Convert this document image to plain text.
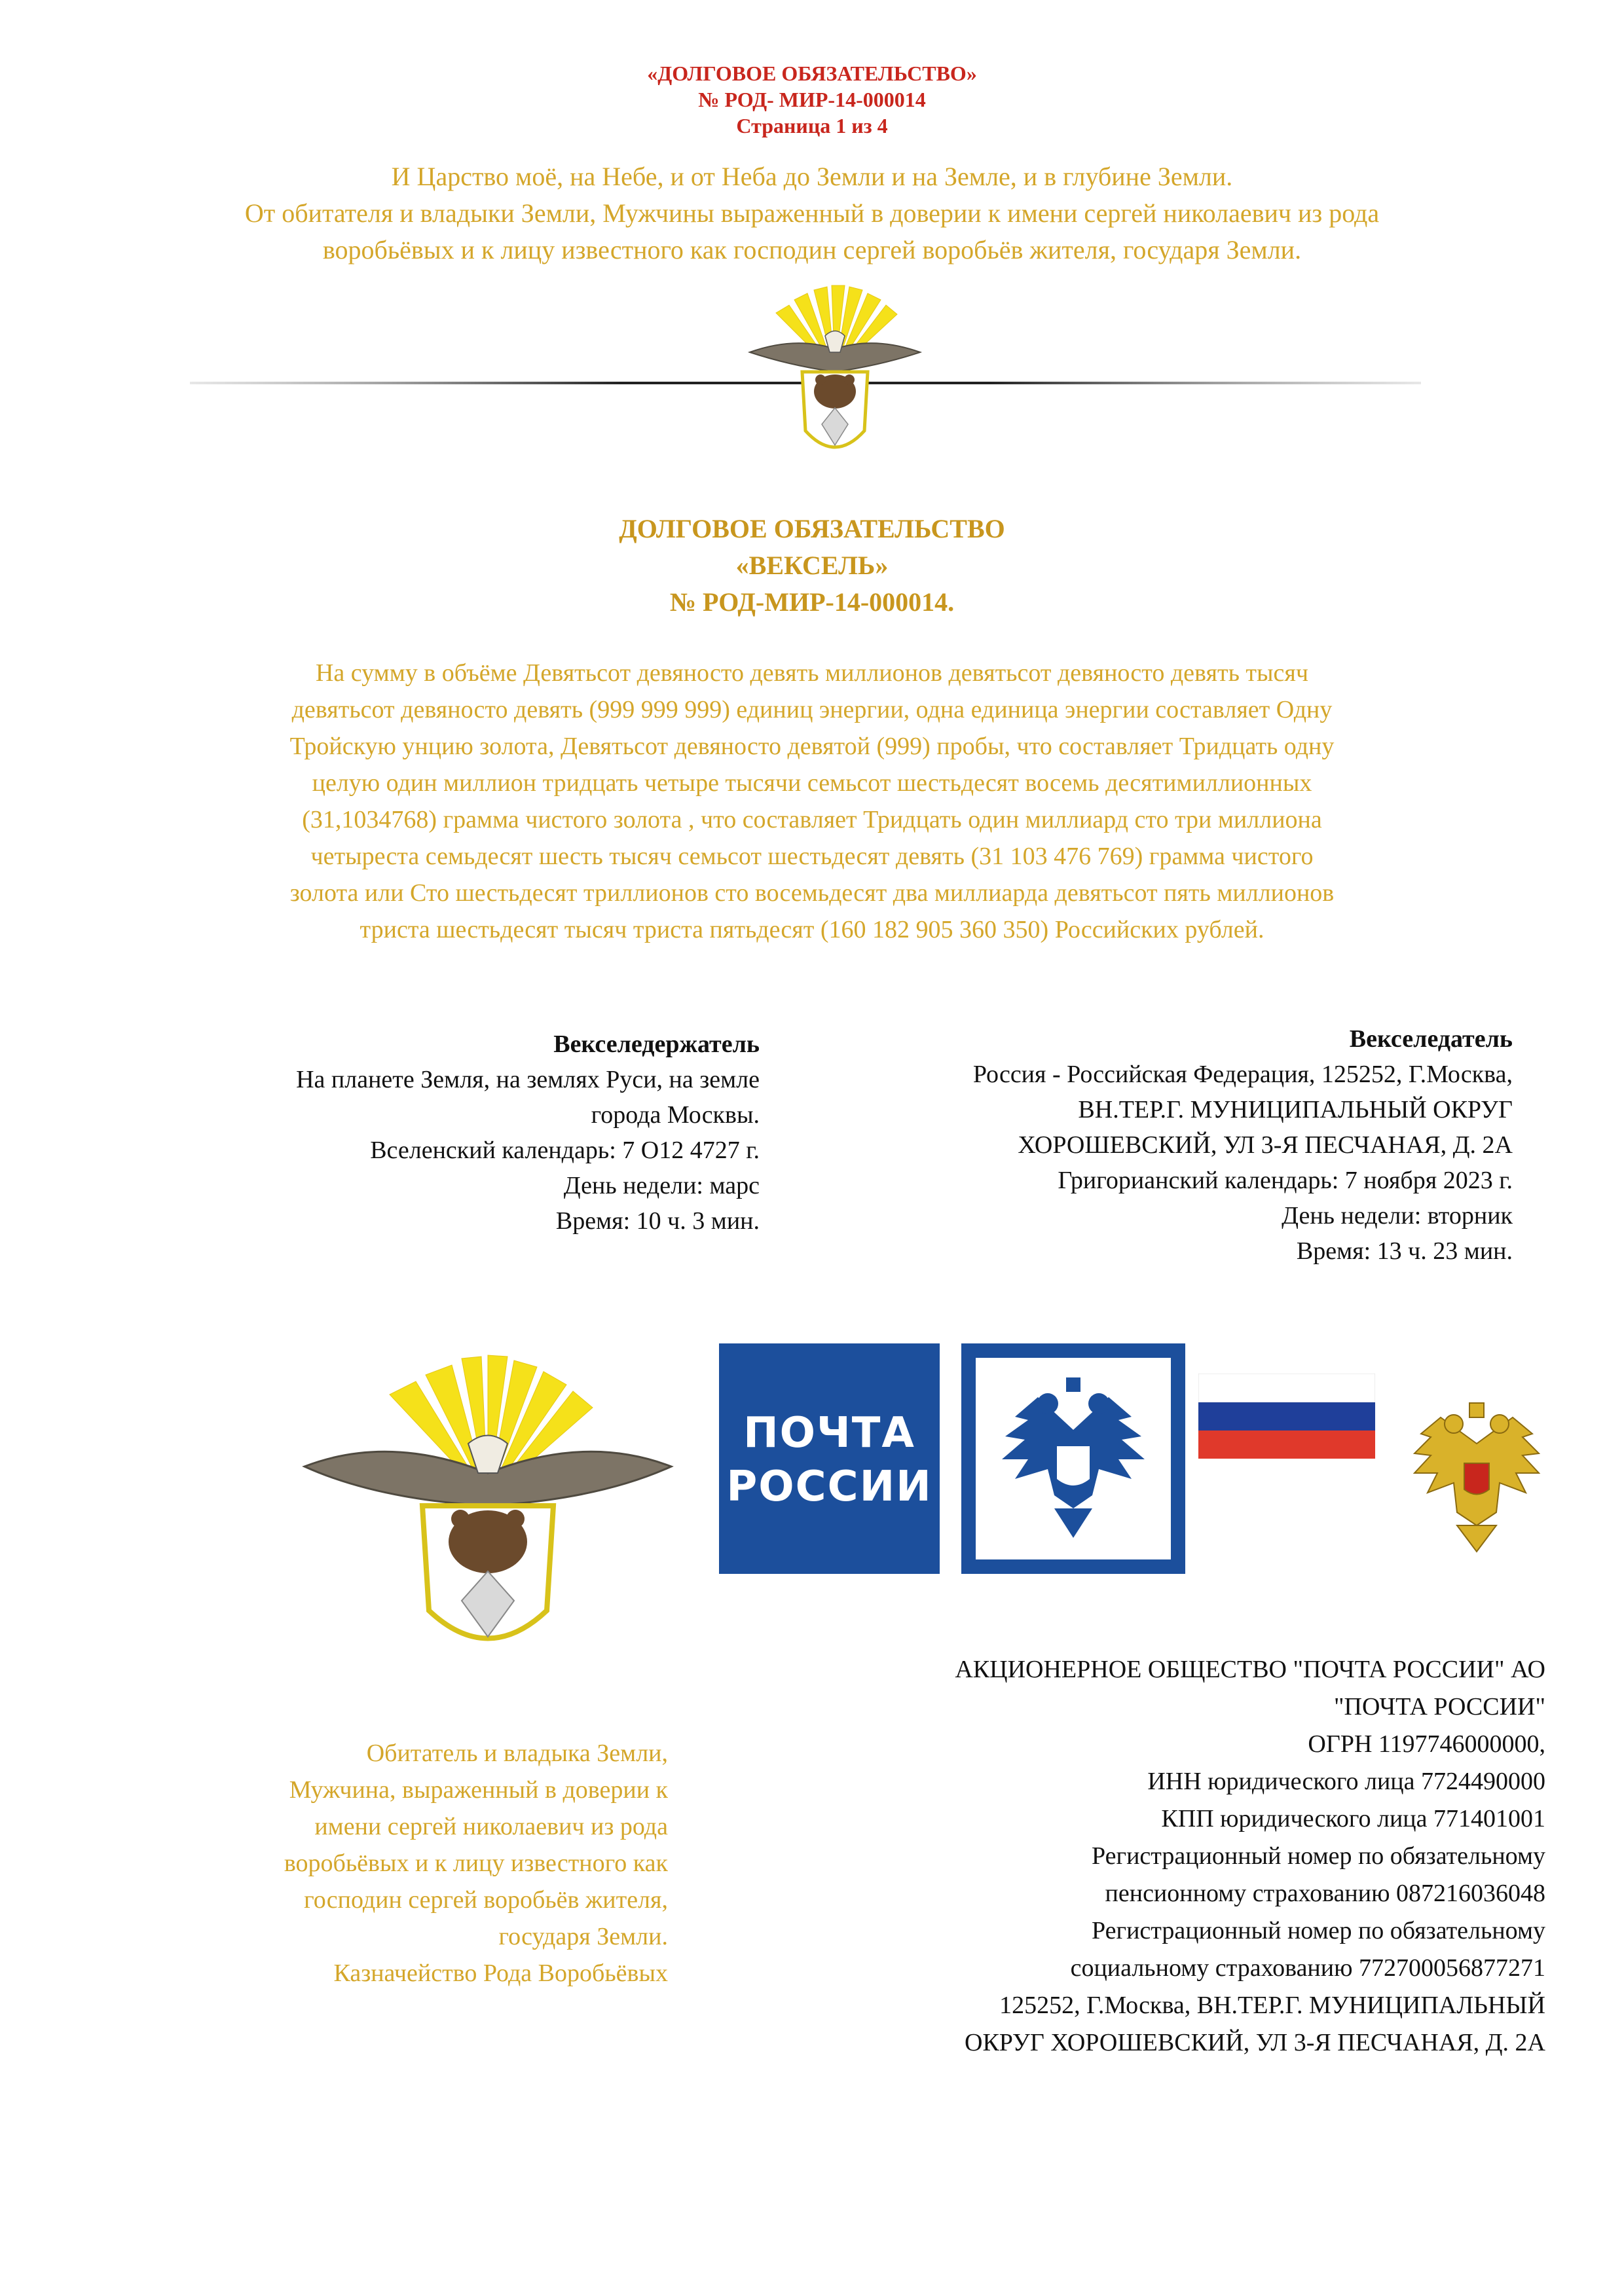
«ДОЛГОВОЕ ОБЯЗАТЕЛЬСТВО»
№ РОД- МИР-14-000014
Страница 1 из 4
И Царство моё, на Небе, и от Неба до Земли и на Земле, и в глубине Земли.
От обитателя и владыки Земли, Мужчины выраженный в доверии к имени сергей николаевич из рода
воробьёвых и к лицу известного как господин сергей воробьёв жителя, государя Земли.
ДОЛГОВОЕ ОБЯЗАТЕЛЬСТВО
«ВЕКСЕЛЬ»
№ РОД-МИР-14-000014.
На сумму в объёме Девятьсот девяносто девять миллионов девятьсот девяносто девять тысяч
девятьсот девяносто девять (999 999 999) единиц энергии, одна единица энергии составляет Одну
Тройскую унцию золота, Девятьсот девяносто девятой (999) пробы, что составляет Тридцать одну
целую один миллион тридцать четыре тысячи семьсот шестьдесят восемь десятимиллионных
(31,1034768) грамма чистого золота , что составляет Тридцать один миллиард сто три миллиона
четыреста семьдесят шесть тысяч семьсот шестьдесят девять (31 103 476 769) грамма чистого
золота или Сто шестьдесят триллионов сто восемьдесят два миллиарда девятьсот пять миллионов
триста шестьдесят тысяч триста пятьдесят (160 182 905 360 350) Российских рублей.
Векселедержатель
На планете Земля, на землях Руси, на земле
города Москвы.
Вселенский календарь: 7 О12 4727 г.
День недели: марс
Время: 10 ч. 3 мин.
Векселедатель
Россия - Российская Федерация, 125252, Г.Москва,
ВН.ТЕР.Г. МУНИЦИПАЛЬНЫЙ ОКРУГ
ХОРОШЕВСКИЙ, УЛ 3-Я ПЕСЧАНАЯ, Д. 2А
Григорианский календарь: 7 ноября 2023 г.
День недели: вторник
Время: 13 ч. 23 мин.
ПОЧТА
РОССИИ
Обитатель и владыка Земли,
Мужчина, выраженный в доверии к
имени сергей николаевич из рода
воробьёвых и к лицу известного как
господин сергей воробьёв жителя,
государя Земли.
Казначейство Рода Воробьёвых
АКЦИОНЕРНОЕ ОБЩЕСТВО "ПОЧТА РОССИИ" АО
"ПОЧТА РОССИИ"
ОГРН 1197746000000,
ИНН юридического лица 7724490000
КПП юридического лица 771401001
Регистрационный номер по обязательному
пенсионному страхованию 087216036048
Регистрационный номер по обязательному
социальному страхованию 772700056877271
125252, Г.Москва, ВН.ТЕР.Г. МУНИЦИПАЛЬНЫЙ
ОКРУГ ХОРОШЕВСКИЙ, УЛ 3-Я ПЕСЧАНАЯ, Д. 2А
